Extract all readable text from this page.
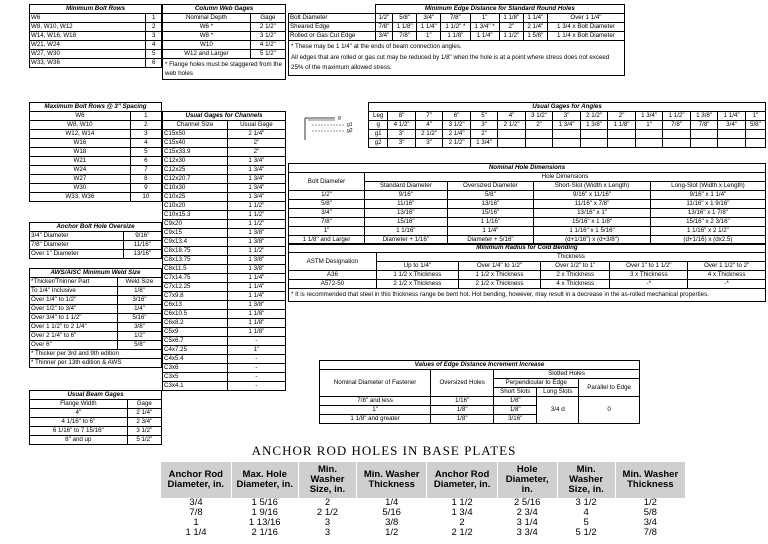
Minimum Bolt Rows	
W6	1
W8, W10, W12	2
W14, W16, W18	3
W21, W24	4
W27, W30	5
W33, W36	6
Maximum Bolt Rows @ 3" Spacing	
W6	1
W8, W10	2
W12, W14	3
W16	4
W18	5
W21	6
W24	7
W27	8
W30	9
W33, W36	10
Anchor Bolt Hole Oversize	
3/4" Diameter	9/16"
7/8" Diameter	11/16"
Over 1" Diameter	13/16"
AWS/AISC Minimum Weld Size	
*Thicker/Thinner Part	Weld Size
To 1/4" Inclusive	1/8"
Over 1/4" to 1/2"	3/16"
Over 1/2" to 3/4"	1/4"
Over 3/4" to 1 1/2"	5/16"
Over 1 1/2" to 2 1/4"	3/8"
Over 2 1/4" to 6"	1/2"
Over 6"	5/8"
* Thicker per 3rd and 9th edition	
* Thinner per 13th edition & AWS	
Usual Beam Gages	
Flange Width	Gage
4"	2 1/4"
4 1/16" to 6"	2 3/4"
6 1/16" to 7 15/16"	3 1/2"
8" and up	5 1/2"
Column Web Gages	
Nominal Depth	Gage
W6 *	2 1/2"
W8 *	3 1/2"
W10	4 1/2"
W12 and Larger	5 1/2"
* Flange holes must be staggered from the web holes
Usual Gages for Channels	
Channel Size	Usual Gage
C15x50	2 1/4"
C15x40	2"
C15x33.9	2"
C12x30	1 3/4"
C12x25	1 3/4"
C12x20.7	1 3/4"
C10x30	1 3/4"
C10x25	1 3/4"
C10x20	1 1/2"
C10x15.3	1 1/2"
C9x20	1 1/2"
C9x15	1 3/8"
C9x13.4	1 3/8"
C8x18.75	1 1/2"
C8x13.75	1 3/8"
C8x11.5	1 3/8"
C7x14.75	1 1/4"
C7x12.25	1 1/4"
C7x9.8	1 1/4"
C6x13	1 3/8"
C6x10.5	1 1/8"
C6x8.2	1 1/8"
C5x9	1 1/8"
C5x6.7	-
C4x7.25	1"
C4x5.4	-
C3x6	-
C3x5	-
C3x4.1	-
	Minimum Edge Distance for Standard Round Holes							
Bolt Diameter	1/2"	5/8"	3/4"	7/8"	1"	1 1/8"	1 1/4"	Over 1 1/4"
Sheared Edge	7/8"	1 1/8"	1 1/4"	1 1/2" *	1 3/4" *	2"	2 1/4"	1 3/4 x Bolt Diameter
Rolled or Gas Cut Edge	3/4"	7/8"	1"	1 1/8"	1 1/4"	1 1/2"	1 5/8"	1 1/4 x Bolt Diameter
* These may be 1 1/4" at the ends of beam connection angles.
All edges that are rolled or gas cut may be reduced by 1/8" when the hole is at a point where stress does not exceed 25% of the maximum allowed stress.
g
g1
g2
Usual Gages for Angles														
Leg	8"	7"	6"	5"	4"	3 1/2"	3"	2 1/2"	2"	1 3/4"	1 1/2"	1 3/8"	1 1/4"	1"
g	4 1/2"	4"	3 1/2"	3"	2 1/2"	2"	1 3/4"	1 3/8"	1 1/8"	1"	7/8"	7/8"	3/4"	5/8"
g1	3"	2 1/2"	2 1/4"	2"										
g2	3"	3"	2 1/2"	1 3/4"										
Nominal Hole Dimensions				
Bolt Diameter	Hole Dimensions			
	Standard Diameter	Oversized Diameter	Short-Slot (Width x Length)	Long-Slot (Width x Length)

1/2"	9/16"	5/8"	9/16" x 11/16"	9/16" x 1 1/4"
5/8"	11/16"	13/16"	11/16" x 7/8"	11/16" x 1 9/16"
3/4"	13/16"	15/16"	13/16" x 1"	13/16" x 1 7/8"
7/8"	15/16"	1 1/16"	15/16" x 1 1/8"	15/16" x 2 3/16"
1"	1 1/16"	1 1/4"	1 1/16" x 1 5/16"	1 1/16" x 2 1/2"
1 1/8" and Larger	Diameter + 1/16"	Diameter + 5/16"	(d+1/16") x (d+3/8")	(d+1/16) x (dx2.5)
Minimum Radius for Cold Bending					
ASTM Designation	Thickness				
	Up to 1/4"	Over 1/4" to 1/2"	Over 1/2" to 1"	Over 1" to 1 1/2"	Over 1 1/2" to 2"
A36	1 1/2 x Thickness	1 1/2 x Thickness	2 x Thickness	3 x Thickness	4 x Thickness
A572-50	2 1/2 x Thickness	2 1/2 x Thickness	4 x Thickness	-*	-*
* It is recommended that steel in this thickness range be bent hot. Hot bending, however, may result in a decrease in the as-rolled mechanical properties.
Values of Edge Distance Increment Increase				
Nominal Diameter of Fastener	Oversized Holes	Slotted Holes		
		Perpendicular to Edge		Parallel to Edge
		Short Slots	Long Slots	
7/8" and less	1/16"	1/8"	3/4 d	0
1"	1/8"	1/8"		
1 1/8" and greater	1/8"	3/16"		
ANCHOR ROD HOLES IN BASE PLATES
Anchor Rod Diameter, in.	Max. Hole Diameter, in.	Min. Washer Size, in.	Min. Washer Thickness	Anchor Rod Diameter, in.	Hole Diameter, in.	Min. Washer Size, in.	Min. Washer Thickness
3/4	1 5/16	2	1/4	1 1/2	2 5/16	3 1/2	1/2
7/8	1 9/16	2 1/2	5/16	1 3/4	2 3/4	4	5/8
1	1 13/16	3	3/8	2	3 1/4	5	3/4
1 1/4	2 1/16	3	1/2	2 1/2	3 3/4	5 1/2	7/8
